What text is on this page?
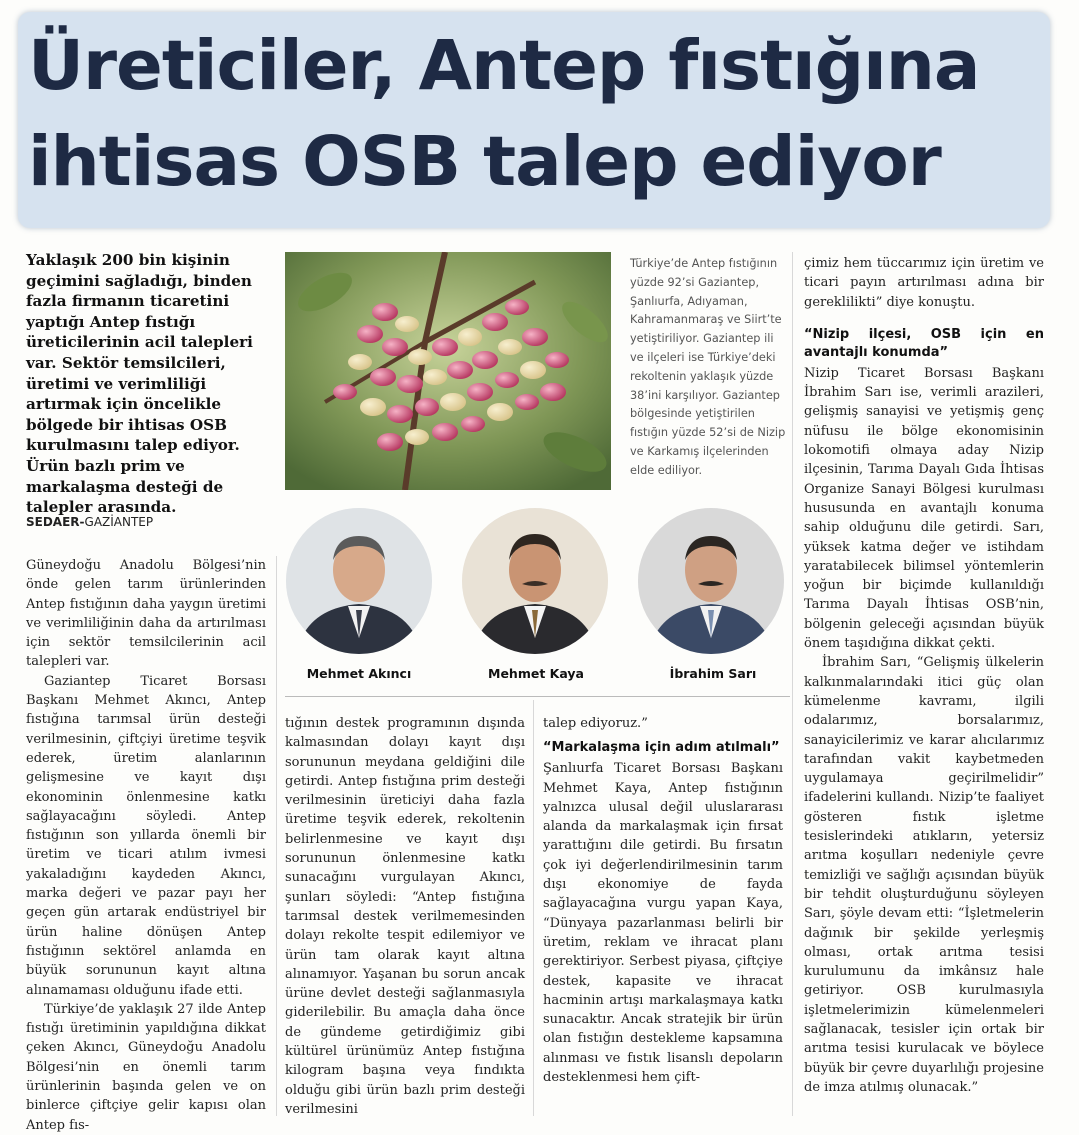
Üreticiler, Antep fıstığına
ihtisas OSB talep ediyor

Yaklaşık 200 bin kişinin geçimini sağladığı, binden fazla firmanın ticaretini yaptığı Antep fıstığı üreticilerinin acil talepleri var. Sektör temsilcileri, üretimi ve verimliliği artırmak için öncelikle bölgede bir ihtisas OSB kurulmasını talep ediyor. Ürün bazlı prim ve markalaşma desteği de talepler arasında.

SEDAER-GAZİANTEP

Güneydoğu Anadolu Bölgesi’nin önde gelen tarım ürünlerinden Antep fıstığının daha yaygın üretimi ve verimliliğinin daha da artırılması için sektör temsilcilerinin acil talepleri var.

Gaziantep Ticaret Borsası Başkanı Mehmet Akıncı, Antep fıstığına tarımsal ürün desteği verilmesinin, çiftçiyi üretime teşvik ederek, üretim alanlarının gelişmesine ve kayıt dışı ekonominin önlenmesine katkı sağlayacağını söyledi. Antep fıstığının son yıllarda önemli bir üretim ve ticari atılım ivmesi yakaladığını kaydeden Akıncı, marka değeri ve pazar payı her geçen gün artarak endüstriyel bir ürün haline dönüşen Antep fıstığının sektörel anlamda en büyük sorununun kayıt altına alınamaması olduğunu ifade etti.

Türkiye’de yaklaşık 27 ilde Antep fıstığı üretiminin yapıldığına dikkat çeken Akıncı, Güneydoğu Anadolu Bölgesi’nin en önemli tarım ürünlerinin başında gelen ve on binlerce çiftçiye gelir kapısı olan Antep fıs-

Türkiye’de Antep fıstığının yüzde 92’si Gaziantep, Şanlıurfa, Adıyaman, Kahramanmaraş ve Siirt’te yetiştiriliyor. Gaziantep ili ve ilçeleri ise Türkiye’deki rekoltenin yaklaşık yüzde 38’ini karşılıyor. Gaziantep bölgesinde yetiştirilen fıstığın yüzde 52’si de Nizip ve Karkamış ilçelerinden elde ediliyor.
Mehmet Akıncı	Mehmet Kaya	İbrahim Sarı

tığının destek programının dışında kalmasından dolayı kayıt dışı sorununun meydana geldiğini dile getirdi. Antep fıstığına prim desteği verilmesinin üreticiyi daha fazla üretime teşvik ederek, rekoltenin belirlenmesine ve kayıt dışı sorununun önlenmesine katkı sunacağını vurgulayan Akıncı, şunları söyledi: “Antep fıstığına tarımsal destek verilmemesinden dolayı rekolte tespit edilemiyor ve ürün tam olarak kayıt altına alınamıyor. Yaşanan bu sorun ancak ürüne devlet desteği sağlanmasıyla giderilebilir. Bu amaçla daha önce de gündeme getirdiğimiz gibi kültürel ürünümüz Antep fıstığına kilogram başına veya fındıkta olduğu gibi ürün bazlı prim desteği verilmesini

talep ediyoruz.”

“Markalaşma için adım atılmalı”

Şanlıurfa Ticaret Borsası Başkanı Mehmet Kaya, Antep fıstığının yalnızca ulusal değil uluslararası alanda da markalaşmak için fırsat yarattığını dile getirdi. Bu fırsatın çok iyi değerlendirilmesinin tarım dışı ekonomiye de fayda sağlayacağına vurgu yapan Kaya, “Dünyaya pazarlanması belirli bir üretim, reklam ve ihracat planı gerektiriyor. Serbest piyasa, çiftçiye destek, kapasite ve ihracat hacminin artışı markalaşmaya katkı sunacaktır. Ancak stratejik bir ürün olan fıstığın destekleme kapsamına alınması ve fıstık lisanslı depoların desteklenmesi hem çift-

çimiz hem tüccarımız için üretim ve ticari payın artırılması adına bir gereklilikti” diye konuştu.

“Nizip ilçesi, OSB için en avantajlı konumda”

Nizip Ticaret Borsası Başkanı İbrahim Sarı ise, verimli arazileri, gelişmiş sanayisi ve yetişmiş genç nüfusu ile bölge ekonomisinin lokomotifi olmaya aday Nizip ilçesinin, Tarıma Dayalı Gıda İhtisas Organize Sanayi Bölgesi kurulması hususunda en avantajlı konuma sahip olduğunu dile getirdi. Sarı, yüksek katma değer ve istihdam yaratabilecek bilimsel yöntemlerin yoğun bir biçimde kullanıldığı Tarıma Dayalı İhtisas OSB’nin, bölgenin geleceği açısından büyük önem taşıdığına dikkat çekti.

İbrahim Sarı, “Gelişmiş ülkelerin kalkınmalarındaki itici güç olan kümelenme kavramı, ilgili odalarımız, borsalarımız, sanayicilerimiz ve karar alıcılarımız tarafından vakit kaybetmeden uygulamaya geçirilmelidir” ifadelerini kullandı. Nizip’te faaliyet gösteren fıstık işletme tesislerindeki atıkların, yetersiz arıtma koşulları nedeniyle çevre temizliği ve sağlığı açısından büyük bir tehdit oluşturduğunu söyleyen Sarı, şöyle devam etti: “İşletmelerin dağınık bir şekilde yerleşmiş olması, ortak arıtma tesisi kurulumunu da imkânsız hale getiriyor. OSB kurulmasıyla işletmelerimizin kümelenmeleri sağlanacak, tesisler için ortak bir arıtma tesisi kurulacak ve böylece büyük bir çevre duyarlılığı projesine de imza atılmış olunacak.”
